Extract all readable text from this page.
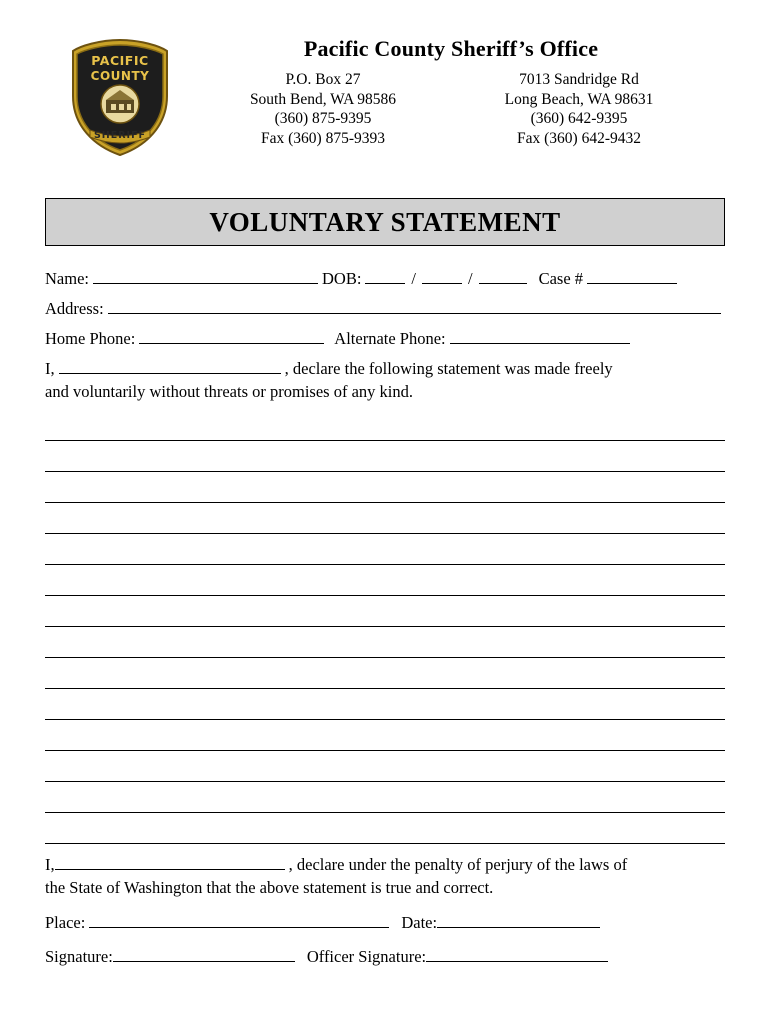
PACIFIC
COUNTY
SHERIFF
Pacific County Sheriff’s Office
P.O. Box 27
South Bend, WA 98586
(360) 875-9395
Fax (360) 875-9393
7013 Sandridge Rd
Long Beach, WA 98631
(360) 642-9395
Fax (360) 642-9432
VOLUNTARY STATEMENT
Name:	DOB:	/	/	Case #
Address:
Home Phone:	Alternate Phone:
I,	, declare the following statement was made freely
and voluntarily without threats or promises of any kind.
I,	, declare under the penalty of perjury of the laws of
the State of Washington that the above statement is true and correct.
Place:	Date:
Signature:	Officer Signature:
